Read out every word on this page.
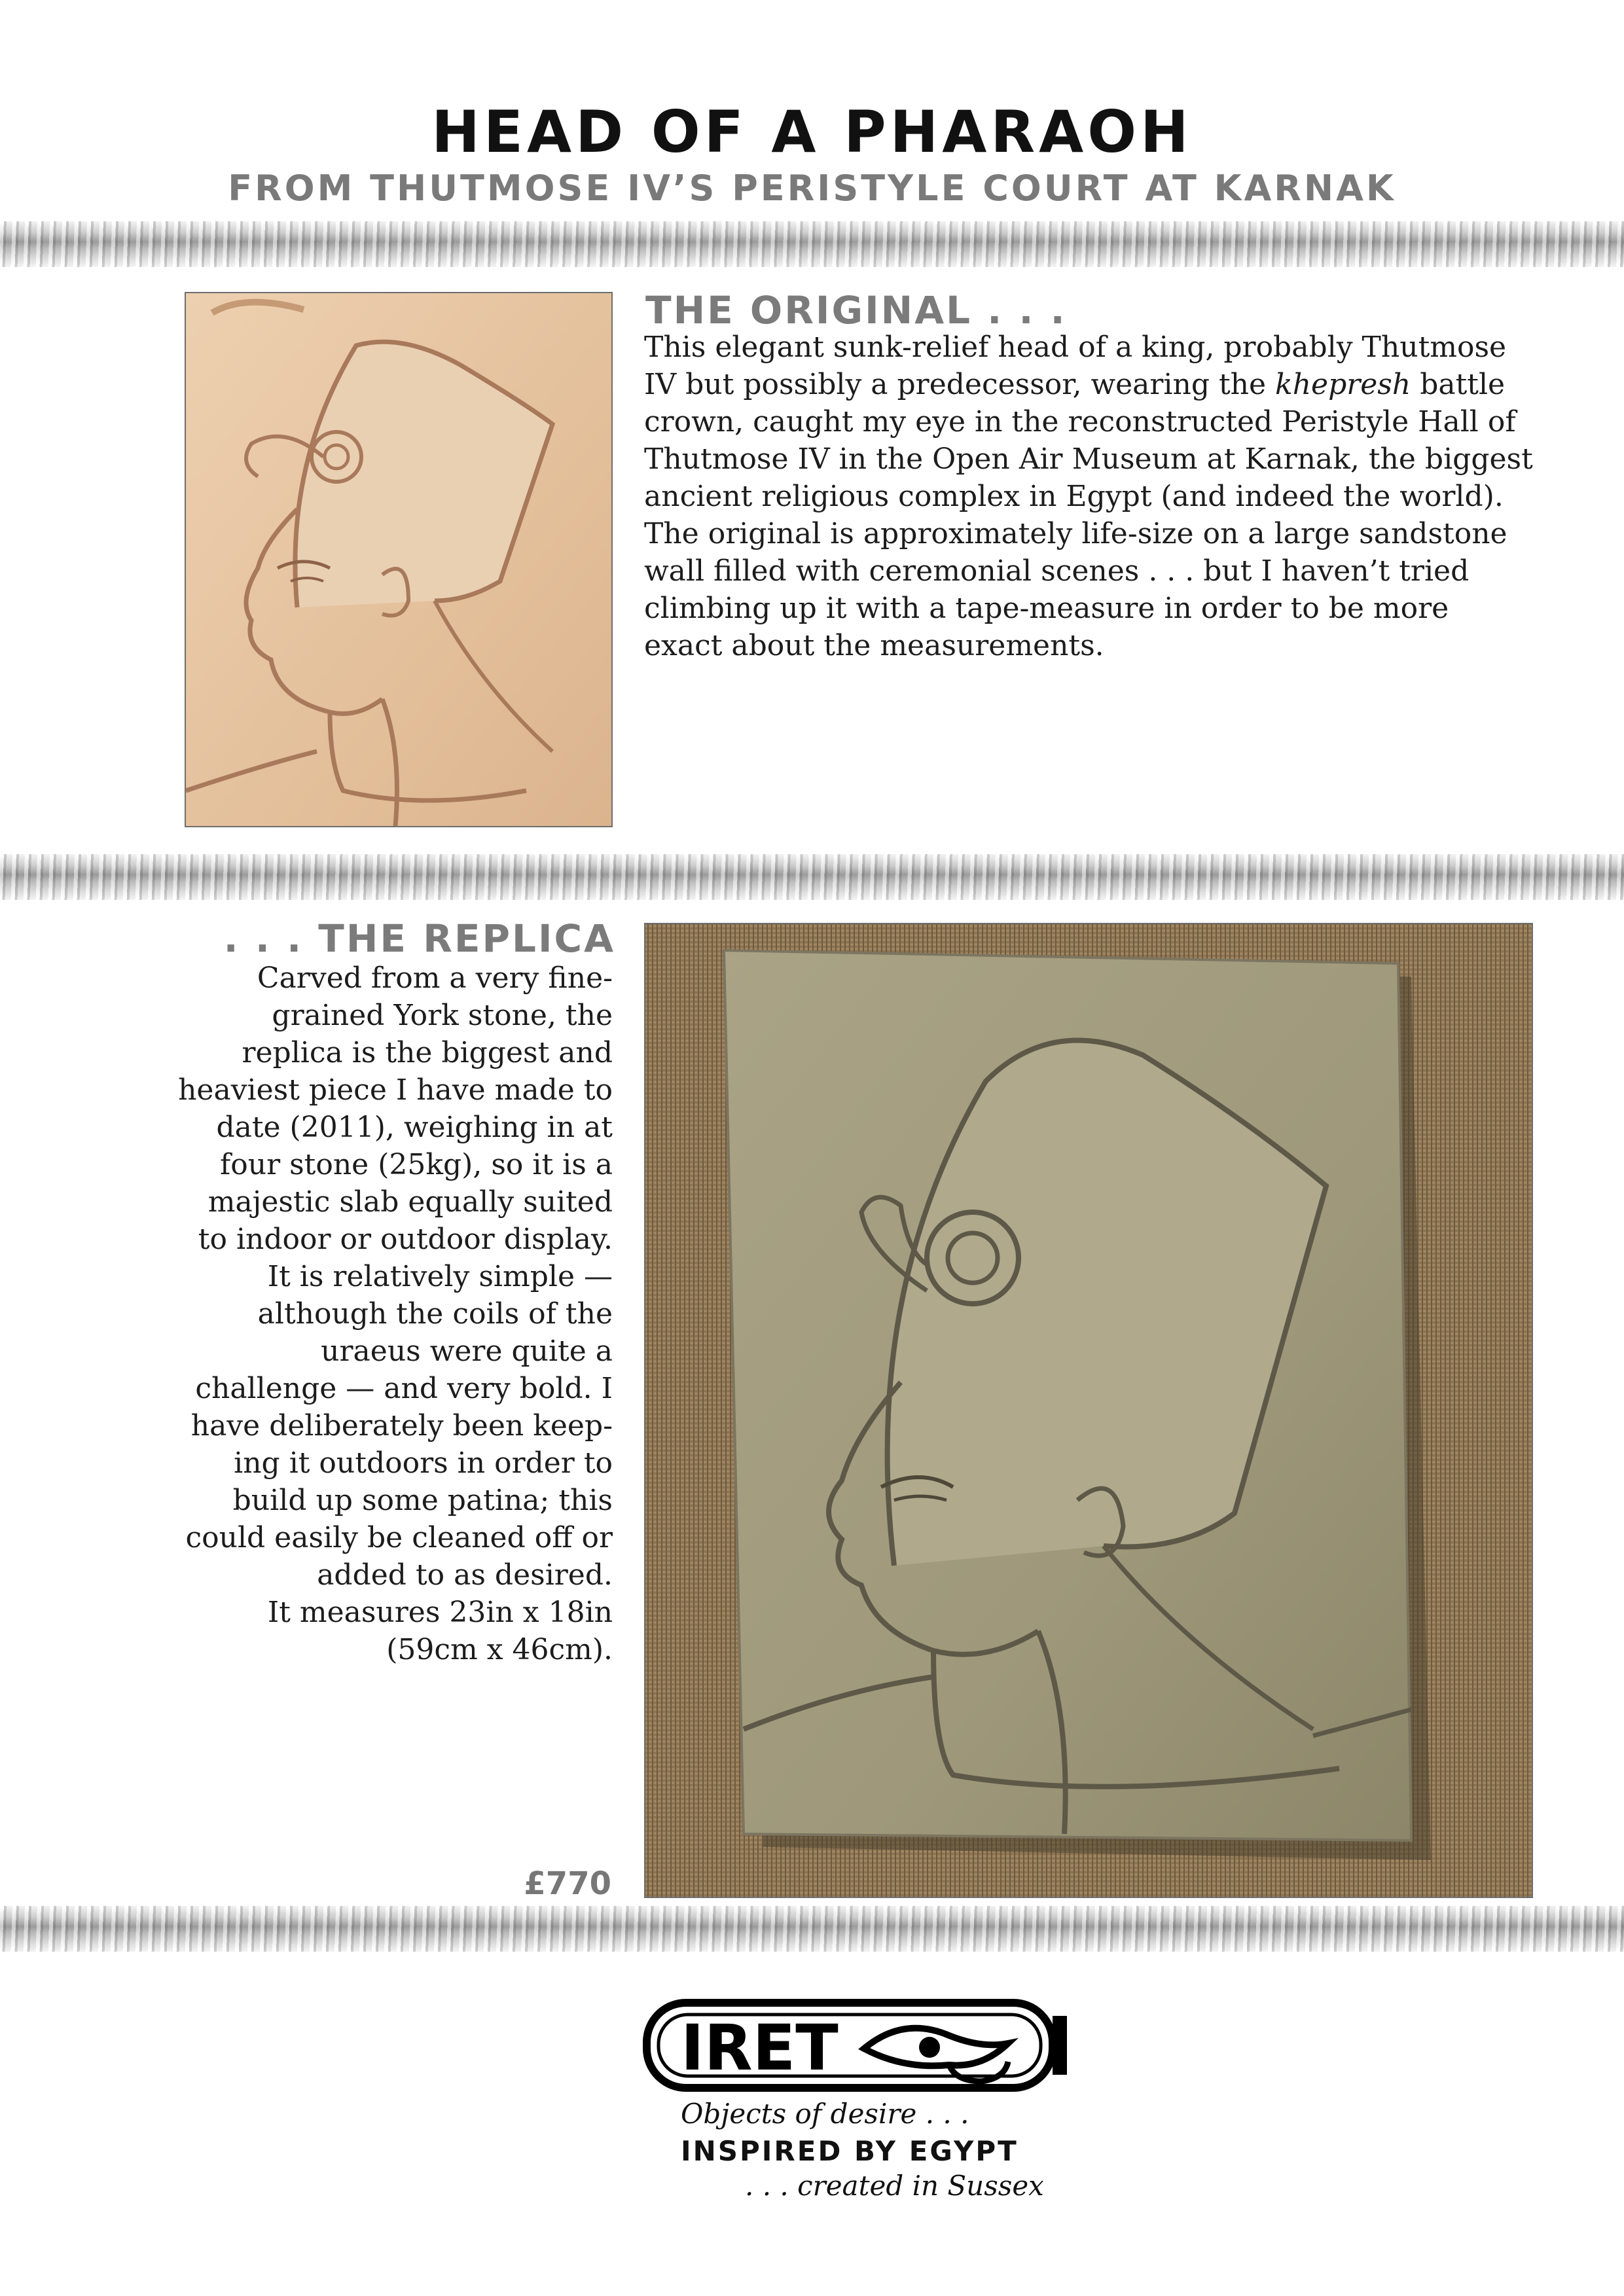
HEAD OF A PHARAOH
FROM THUTMOSE IV’S PERISTYLE COURT AT KARNAK
THE ORIGINAL . . .
This elegant sunk-relief head of a king, probably Thutmose IV but possibly a predecessor, wearing the khepresh battle crown, caught my eye in the reconstructed Peristyle Hall of Thutmose IV in the Open Air Museum at Karnak, the biggest ancient religious complex in Egypt (and indeed the world). The original is approximately life-size on a large sandstone wall filled with ceremonial scenes . . . but I haven’t tried climbing up it with a tape-measure in order to be more exact about the measurements.
. . . THE REPLICA
Carved from a very fine-
grained York stone, the
replica is the biggest and
heaviest piece I have made to
date (2011), weighing in at
four stone (25kg), so it is a
majestic slab equally suited
to indoor or outdoor display.
It is relatively simple —
although the coils of the
uraeus were quite a
challenge — and very bold. I
have deliberately been keep-
ing it outdoors in order to
build up some patina; this
could easily be cleaned off or
added to as desired.
It measures 23in x 18in
(59cm x 46cm).
£770
IRET
Objects of desire . . .
INSPIRED BY EGYPT
. . . created in Sussex
